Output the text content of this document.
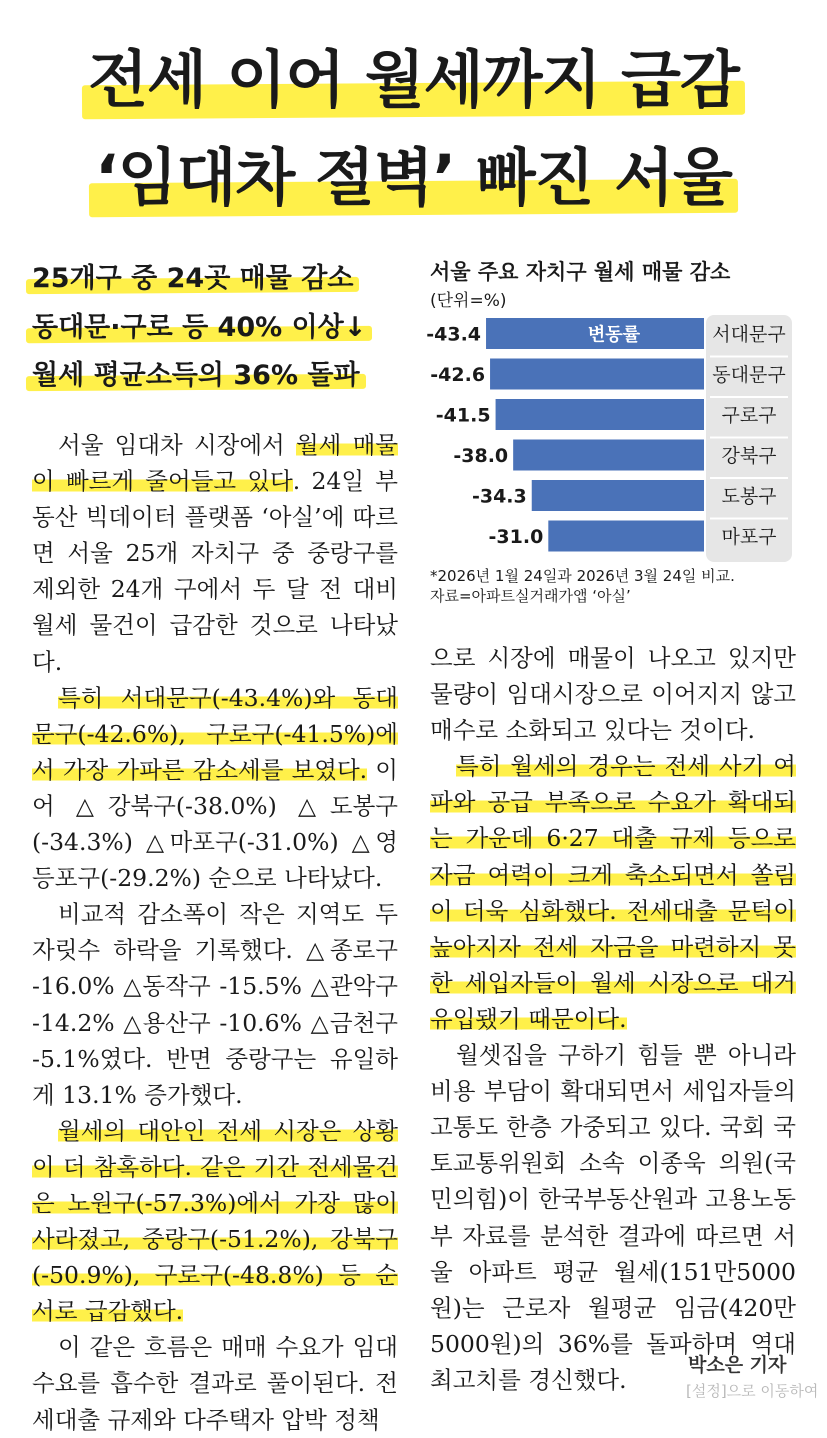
전세 이어 월세까지 급감
‘임대차 절벽’ 빠진 서울
25개구 중 24곳 매물 감소
동대문·구로 등 40% 이상↓
월세 평균소득의 36% 돌파

서울 임대차 시장에서 월세 매물이 빠르게 줄어들고 있다. 24일 부동산 빅데이터 플랫폼 ‘아실’에 따르면 서울 25개 자치구 중 중랑구를 제외한 24개 구에서 두 달 전 대비 월세 물건이 급감한 것으로 나타났다.

특히 서대문구(-43.4%)와 동대문구(-42.6%), 구로구(-41.5%)에서 가장 가파른 감소세를 보였다. 이어 △강북구(-38.0%) △도봉구(-34.3%) △마포구(-31.0%) △영등포구(-29.2%) 순으로 나타났다.

비교적 감소폭이 작은 지역도 두 자릿수 하락을 기록했다. △종로구 -16.0% △동작구 -15.5% △관악구 -14.2% △용산구 -10.6% △금천구 -5.1%였다. 반면 중랑구는 유일하게 13.1% 증가했다.

월세의 대안인 전세 시장은 상황이 더 참혹하다. 같은 기간 전세물건은 노원구(-57.3%)에서 가장 많이 사라졌고, 중랑구(-51.2%), 강북구(-50.9%), 구로구(-48.8%) 등 순서로 급감했다.

이 같은 흐름은 매매 수요가 임대수요를 흡수한 결과로 풀이된다. 전세대출 규제와 다주택자 압박 정책

으로 시장에 매물이 나오고 있지만 물량이 임대시장으로 이어지지 않고 매수로 소화되고 있다는 것이다.

특히 월세의 경우는 전세 사기 여파와 공급 부족으로 수요가 확대되는 가운데 6·27 대출 규제 등으로 자금 여력이 크게 축소되면서 쏠림이 더욱 심화했다. 전세대출 문턱이 높아지자 전세 자금을 마련하지 못한 세입자들이 월세 시장으로 대거 유입됐기 때문이다.

월셋집을 구하기 힘들 뿐 아니라 비용 부담이 확대되면서 세입자들의 고통도 한층 가중되고 있다. 국회 국토교통위원회 소속 이종욱 의원(국민의힘)이 한국부동산원과 고용노동부 자료를 분석한 결과에 따르면 서울 아파트 평균 월세(151만5000원)는 근로자 월평균 임금(420만5000원)의 36%를 돌파하며 역대 최고치를 경신했다.

서울 주요 자치구 월세 매물 감소
(단위=%)
-43.4	서대문구
-42.6	동대문구
-41.5	구로구
-38.0	강북구
-34.3	도봉구
-31.0	마포구
변동률
*2026년 1월 24일과 2026년 3월 24일 비교.
자료=아파트실거래가앱 ‘아실’
박소은 기자
[설정]으로 이동하여
